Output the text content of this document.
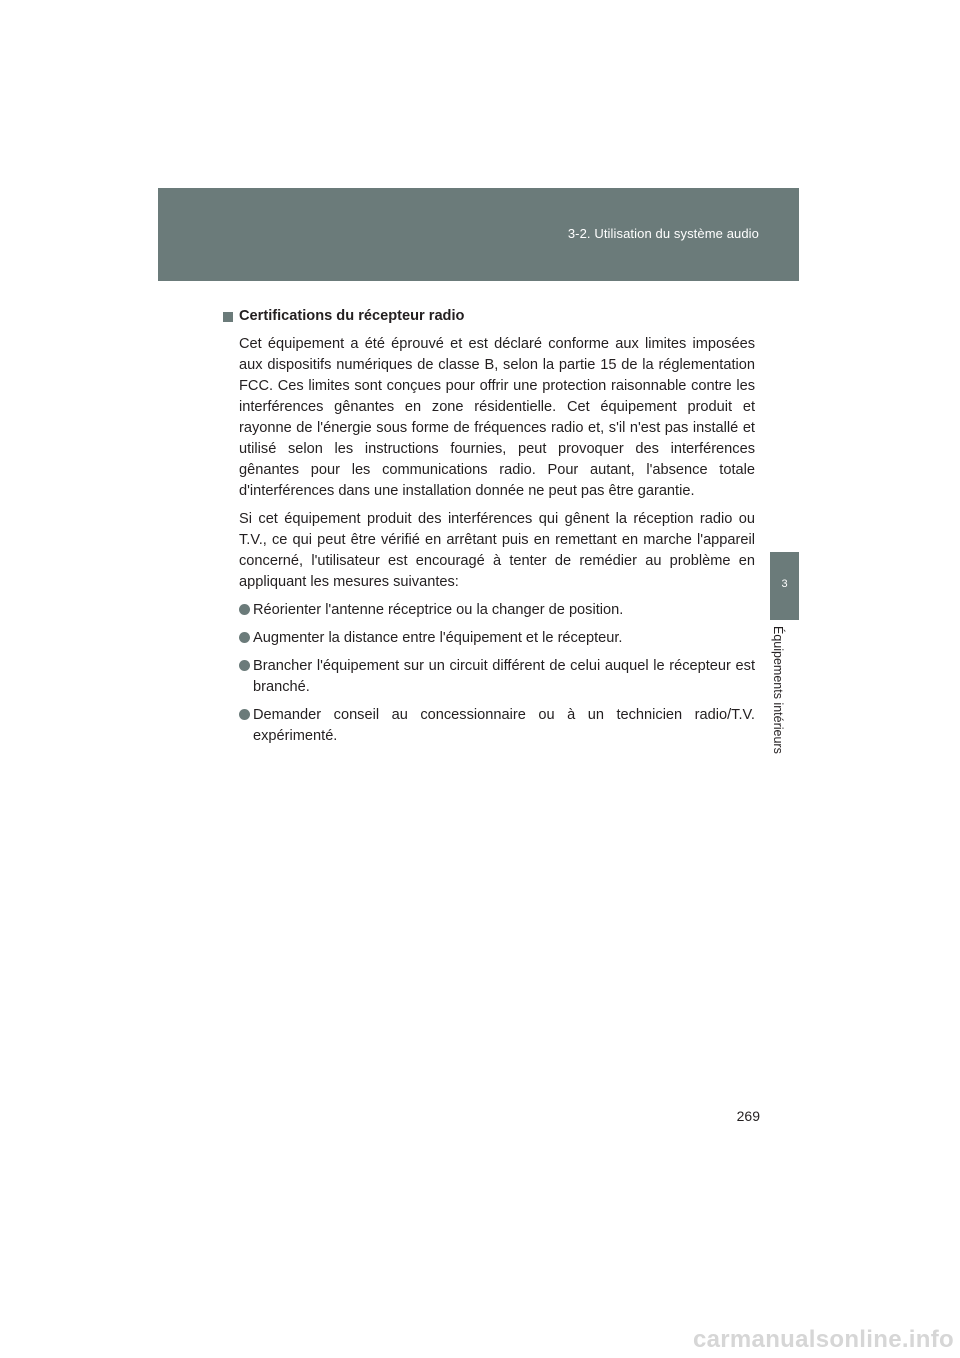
3-2. Utilisation du système audio
3
Équipements intérieurs
Certifications du récepteur radio

Cet équipement a été éprouvé et est déclaré conforme aux limites imposées aux dispositifs numériques de classe B, selon la partie 15 de la réglementation FCC. Ces limites sont conçues pour offrir une protection raisonnable contre les interférences gênantes en zone résidentielle. Cet équipement produit et rayonne de l'énergie sous forme de fréquences radio et, s'il n'est pas installé et utilisé selon les instructions fournies, peut provoquer des interférences gênantes pour les communications radio. Pour autant, l'absence totale d'interférences dans une installation donnée ne peut pas être garantie.

Si cet équipement produit des interférences qui gênent la réception radio ou T.V., ce qui peut être vérifié en arrêtant puis en remettant en marche l'appareil concerné, l'utilisateur est encouragé à tenter de remédier au problème en appliquant les mesures suivantes:

Réorienter l'antenne réceptrice ou la changer de position.
Augmenter la distance entre l'équipement et le récepteur.
Brancher l'équipement sur un circuit différent de celui auquel le récepteur est branché.
Demander conseil au concessionnaire ou à un technicien radio/T.V. expérimenté.
269
carmanualsonline.info
